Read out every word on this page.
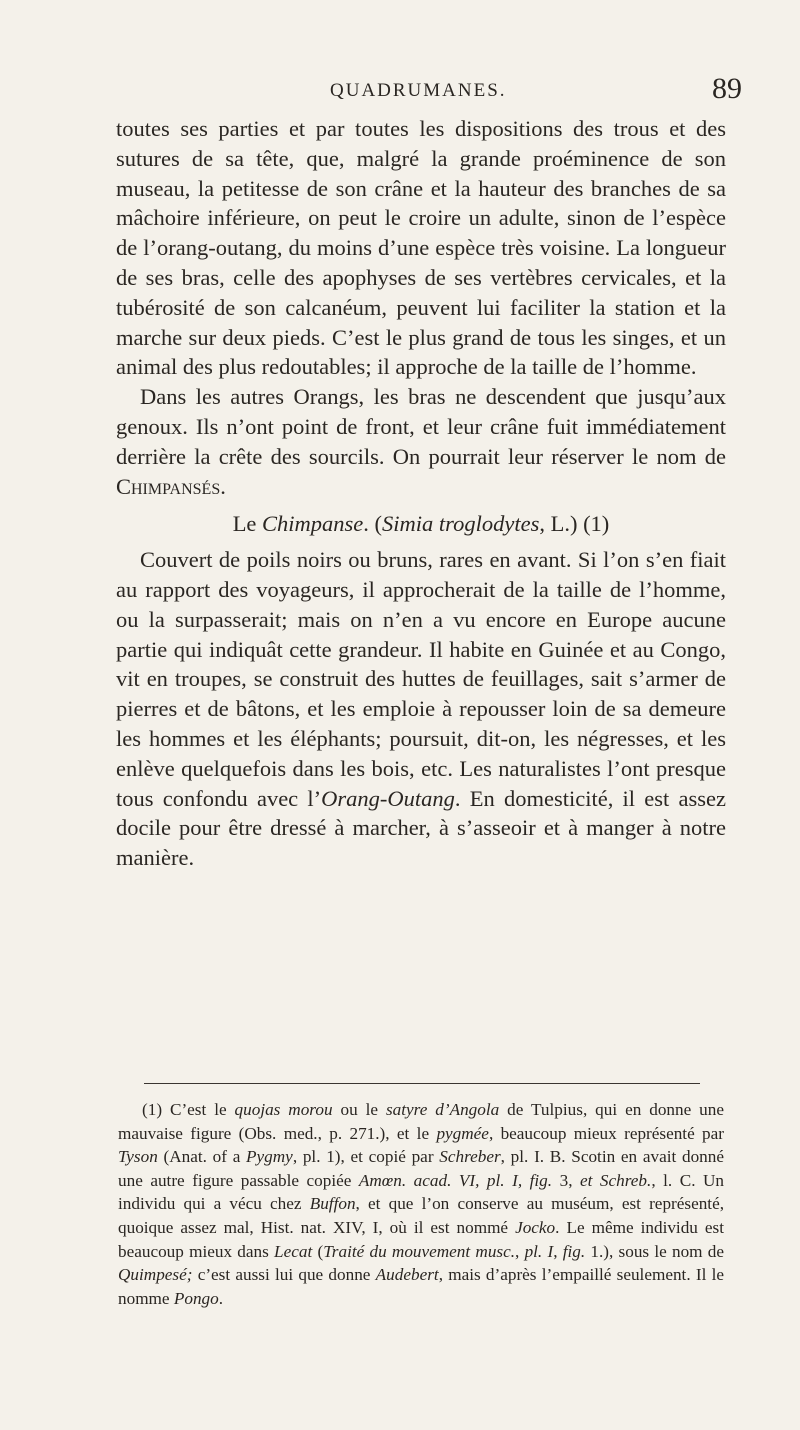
QUADRUMANES.	89

toutes ses parties et par toutes les dispositions des trous et des sutures de sa tête, que, malgré la grande proéminence de son museau, la petitesse de son crâne et la hauteur des branches de sa mâchoire inférieure, on peut le croire un adulte, sinon de l’espèce de l’orang-outang, du moins d’une espèce très voisine. La longueur de ses bras, celle des apophyses de ses vertèbres cervicales, et la tubérosité de son calcanéum, peuvent lui faciliter la station et la marche sur deux pieds. C’est le plus grand de tous les singes, et un animal des plus redoutables; il approche de la taille de l’homme.

Dans les autres Orangs, les bras ne descendent que jusqu’aux genoux. Ils n’ont point de front, et leur crâne fuit immédiatement derrière la crête des sourcils. On pourrait leur réserver le nom de Chimpansés.

Le Chimpanse. (Simia troglodytes, L.) (1)

Couvert de poils noirs ou bruns, rares en avant. Si l’on s’en fiait au rapport des voyageurs, il approcherait de la taille de l’homme, ou la surpasserait; mais on n’en a vu encore en Europe aucune partie qui indiquât cette grandeur. Il habite en Guinée et au Congo, vit en troupes, se construit des huttes de feuillages, sait s’armer de pierres et de bâtons, et les emploie à repousser loin de sa demeure les hommes et les éléphants; poursuit, dit-on, les négresses, et les enlève quelquefois dans les bois, etc. Les naturalistes l’ont presque tous confondu avec l’Orang-Outang. En domesticité, il est assez docile pour être dressé à marcher, à s’asseoir et à manger à notre manière.

(1) C’est le quojas morou ou le satyre d’Angola de Tulpius, qui en donne une mauvaise figure (Obs. med., p. 271.), et le pygmée, beaucoup mieux représenté par Tyson (Anat. of a Pygmy, pl. 1), et copié par Schreber, pl. I. B. Scotin en avait donné une autre figure passable copiée Amœn. acad. VI, pl. I, fig. 3, et Schreb., l. C. Un individu qui a vécu chez Buffon, et que l’on conserve au muséum, est représenté, quoique assez mal, Hist. nat. XIV, I, où il est nommé Jocko. Le même individu est beaucoup mieux dans Lecat (Traité du mouvement musc., pl. I, fig. 1.), sous le nom de Quimpesé; c’est aussi lui que donne Audebert, mais d’après l’empaillé seulement. Il le nomme Pongo.
